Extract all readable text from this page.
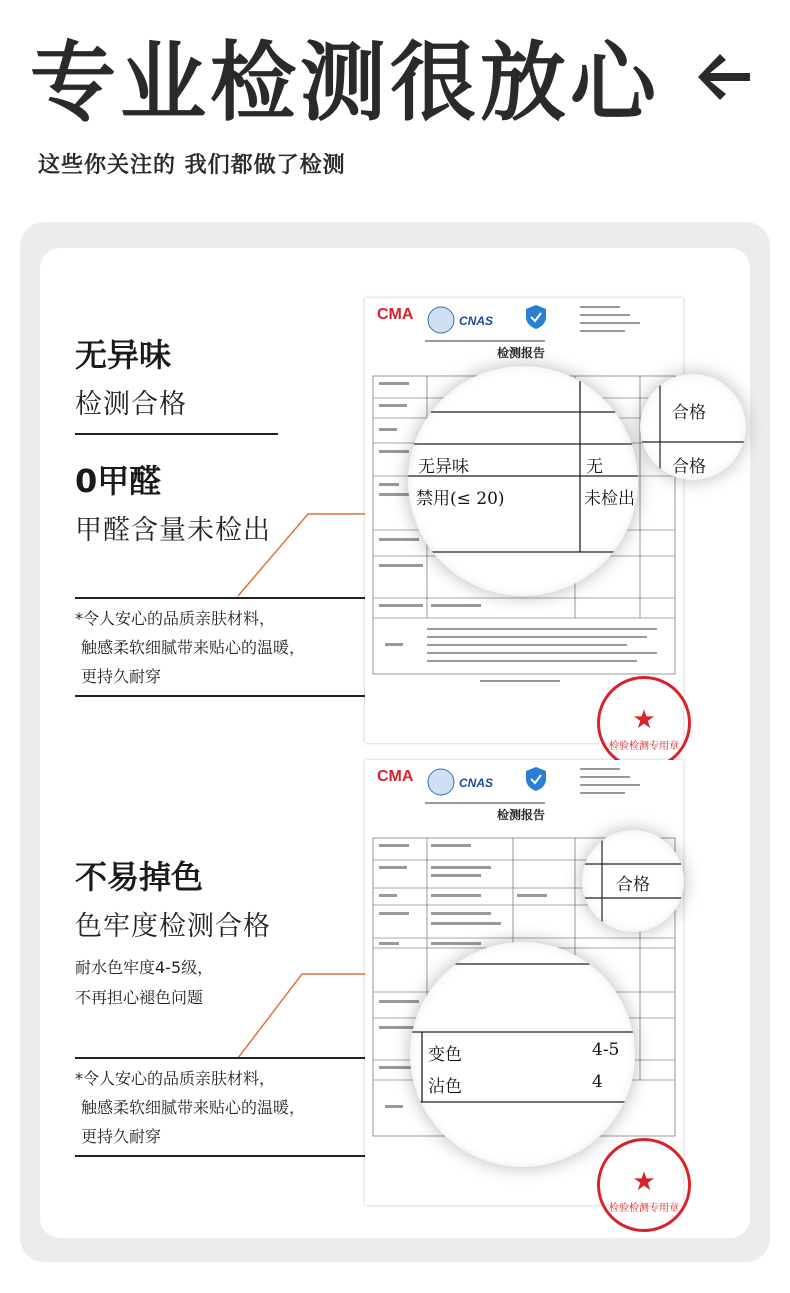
专业检测很放心
这些你关注的 我们都做了检测
无异味
检测合格
0甲醛
甲醛含量未检出
*令人安心的品质亲肤材料，
触感柔软细腻带来贴心的温暖，
更持久耐穿
CMA	CNAS
检测报告
★
检验检测专用章
无异味	无
禁用(≤ 20)	未检出
合格
合格
不易掉色
色牢度检测合格
耐水色牢度4-5级，
不再担心褪色问题
*令人安心的品质亲肤材料，
触感柔软细腻带来贴心的温暖，
更持久耐穿
CMA	CNAS
检测报告
★
检验检测专用章
变色	4-5
沾色	4
合格
